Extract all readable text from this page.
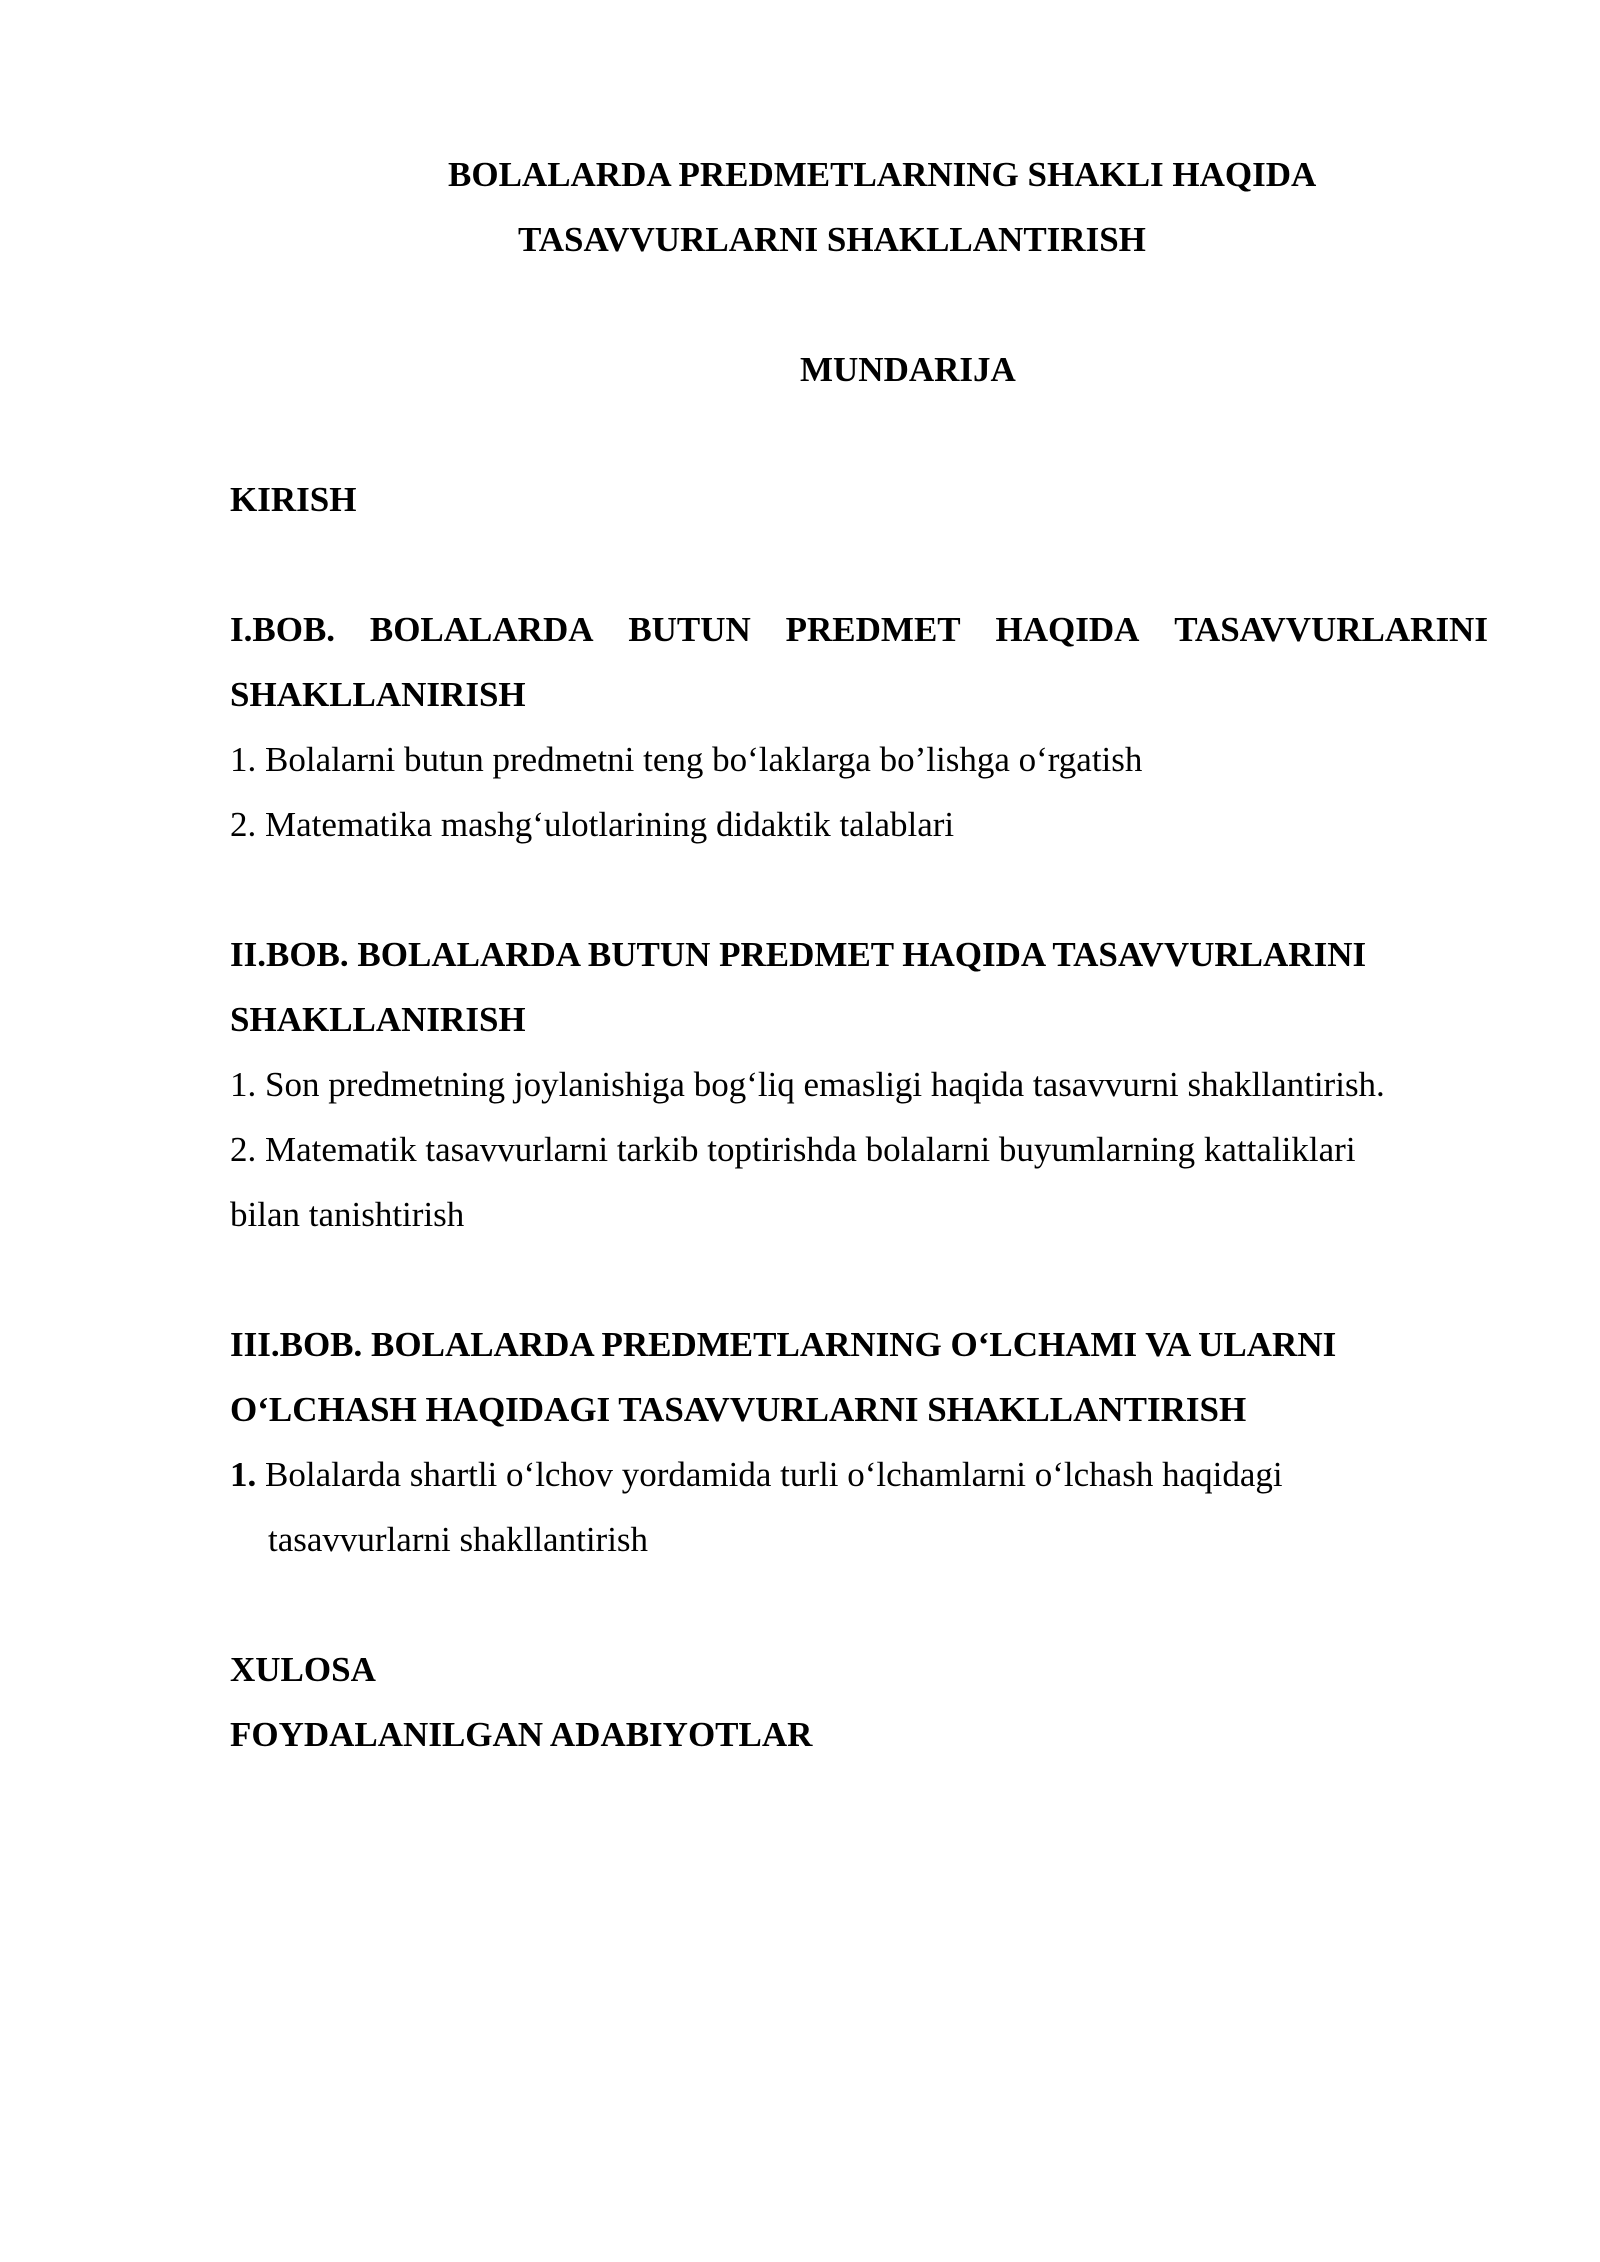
BOLALARDA PREDMETLARNING SHAKLI HAQIDA
TASAVVURLARNI SHAKLLANTIRISH
MUNDARIJA
KIRISH
I.BOB. BOLALARDA BUTUN PREDMET HAQIDA TASAVVURLARINI
SHAKLLANIRISH
1. Bolalarni butun predmetni teng bo‘laklarga bo’lishga o‘rgatish
2. Matematika mashg‘ulotlarining didaktik talablari
II.BOB. BOLALARDA BUTUN PREDMET HAQIDA TASAVVURLARINI
SHAKLLANIRISH
1. Son predmetning joylanishiga bog‘liq emasligi haqida tasavvurni shakllantirish.
2. Matematik tasavvurlarni tarkib toptirishda bolalarni buyumlarning kattaliklari
bilan tanishtirish
III.BOB. BOLALARDA PREDMETLARNING O‘LCHAMI VA ULARNI
O‘LCHASH HAQIDAGI TASAVVURLARNI SHAKLLANTIRISH
1. Bolalarda shartli o‘lchov yordamida turli o‘lchamlarni o‘lchash haqidagi
tasavvurlarni shakllantirish
XULOSA
FOYDALANILGAN ADABIYOTLAR
